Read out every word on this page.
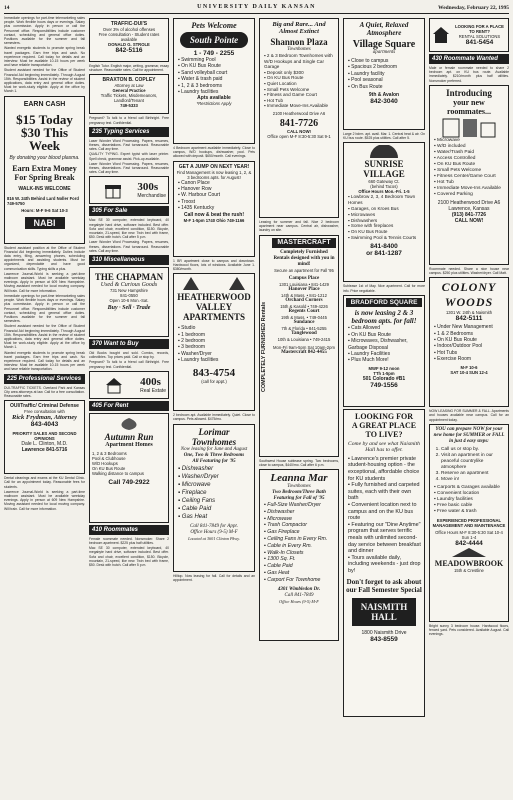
14	UNIVERSITY DAILY KANSAN	Wednesday, February 22, 1995

Immediate openings for part-time telemarketing sales people. Work flexible hours days or evenings. Salary plus commission. Apply in person or call the Personnel office. Responsibilities include customer contact, scheduling and general office duties. Positions available for the summer and fall semesters.

Wanted energetic students to promote spring break travel packages. Earn free trips and cash. No experience required. Call today for details and an interview. Must be available 10-15 hours per week and have reliable transportation.

Student assistant needed for the Office of Student Financial Aid beginning immediately. Through August 15th. Responsibilities: Assist in the review of student applications, data entry and general office duties. Must be work-study eligible. Apply at the office by March 1.

EARN CASH
$15 Today
$30 This Week
By donating your blood plasma.
Earn Extra Money For Spring Break
WALK-INS WELCOME
816 W. 24th Behind Lard Noller Ford 749-5750
Hours: M-F 9-6 Sat 10-3
NABI

Student assistant position at the Office of Student Financial Aid beginning immediately. Duties include data entry, filing, answering phones, scheduling appointments and assisting students. Must be organized, dependable and have good communication skills. Typing skills a plus.

Lawrence Journal-World is seeking a part-time mailroom assistant. Must be available weekday evenings. Apply in person at 609 New Hampshire. Moving assistant needed for local moving company. Will train. Call for more information.

Immediate openings for part-time telemarketing sales people. Work flexible hours days or evenings. Salary plus commission. Apply in person or call the Personnel office. Responsibilities include customer contact, scheduling and general office duties. Positions available for the summer and fall semesters.

Student assistant needed for the Office of Student Financial Aid beginning immediately. Through August 15th. Responsibilities: Assist in the review of student applications, data entry and general office duties. Must be work-study eligible. Apply at the office by March 1.

Wanted energetic students to promote spring break travel packages. Earn free trips and cash. No experience required. Call today for details and an interview. Must be available 10-15 hours per week and have reliable transportation.

225 Professional Services

DUI-TRAFFIC TICKETS. Overland Park and Kansas City area attorneys at law. Call for a free consultation. Reasonable rates.

OUI/Traffic/ Criminal Defense
Free consultation with
Rick Frydman, Attorney
843-4043
PRIORITY SALES AND SECOND OPINIONS
Dale L. Clinton, M.D.
Lawrence 841-5716

Dental cleanings and exams at the KU Dental Clinic. Call for an appointment today. Reasonable fees for students.

Lawrence Journal-World is seeking a part-time mailroom assistant. Must be available weekday evenings. Apply in person at 609 New Hampshire. Moving assistant needed for local moving company. Will train. Call for more information.

TRAFFIC-DUI'S
Over 3% of alcohol offenses
Free consultation - Student rates available
DONALD G. STROLE
842-5116

English Tutor. English major, writing, grammar, essay structure. Reasonable rates. Call for appointment.

BRAXTON B. COPLEY
Attorney at Law
General Practice
Traffic Tickets, Misdemeanors, Landlord/Tenant
749-5333

Pregnant? To talk to a friend call Birthright. Free pregnancy test. Confidential.

235 Typing Services

Laser Wonder Word Processing. Papers, resumes, theses, dissertations. Fast turnaround. Reasonable rates. Call any time.

QUALITY TYPING. Expert typist with laser printer. Spell check, grammar assist. Pick-up available.

Laser Wonder Word Processing. Papers, resumes, theses, dissertations. Fast turnaround. Reasonable rates. Call any time.

300s
Merchandise
305 For Sale

Mac SE 30 computer, extended keyboard, 40 megabyte hard drive, software included. Best offer. Sofa and chair, excellent condition, $150. Bicycle, mountain, 21-speed, like new. Twin bed with frame, $50. Desk with hutch. Call after 5 p.m.

Laser Wonder Word Processing. Papers, resumes, theses, dissertations. Fast turnaround. Reasonable rates. Call any time.

310 Miscellaneous
THE CHAPMAN
Used & Curious Goods
731 New Hampshire
841-0550
Open 10-6 Mon.-Sat.
Buy · Sell · Trade
370 Want to Buy

Old Books bought and sold. Comics, records, collectibles. Top prices paid. Call or stop by.

Pregnant? To talk to a friend call Birthright. Free pregnancy test. Confidential.

400s
Real Estate
405 For Rent
Autumn Run
Apartment Homes
1, 2 & 3 Bedrooms
Pool & Clubhouse
W/D Hookups
On KU Bus Route
Walking distance to campus
Call 749-2922
410 Roommates

Female roommate needed. Nonsmoker. Share 2 bedroom apartment. $225 plus half utilities.

Mac SE 30 computer, extended keyboard, 40 megabyte hard drive, software included. Best offer. Sofa and chair, excellent condition, $150. Bicycle, mountain, 21-speed, like new. Twin bed with frame, $50. Desk with hutch. Call after 5 p.m.

Pets Welcome
South Pointe
1 - 749 - 2255
▪ Swimming Pool
▪ On KU Bus Route
▪ Sand volleyball court
▪ Water & trash paid
▪ 1, 2 & 3 bedrooms
▪ Laundry facilities
Apts available
*Restrictions Apply

4 Bedroom apartment available immediately. Close to campus, W/D hookups, dishwasher, pool. Pets allowed with deposit. $650/month. Call evenings.

GET A JUMP ON NEXT YEAR!
Find Management is now leasing 1, 2, & 3 bedrooms apts. for August!
▪ Canon Place
▪ Hanover Row
▪ W. Harbour Court
▪ Troost
▪ 1435 Kentucky
Call now & beat the rush!
M-F 1-5pm 1740 Ohio 749-1166

1 BR apartment close to campus and downtown. Hardwood floors, lots of windows. Available June 1. $380/month.

HEATHERWOOD VALLEY APARTMENTS
▪ Studio
▪ 1 bedroom
▪ 2 bedroom
▪ 3 bedroom
▪ Washer/Dryer
▪ Laundry facilities
843-4754
(call for appt.)

2 bedroom apt. Available immediately. Quiet. Close to campus. Pets allowed. $475/mo.

Lorimar Townhomes
Now leasing for June and August
One, Two & Three Bedrooms
All Featuring for '95
▪ Dishwasher
▪ Washer/Dryer
▪ Microwave
▪ Fireplace
▪ Ceiling Fans
▪ Cable Paid
▪ Gas Heat
Call 841-7849 for Appt.
Office Hours (9-5) M-F
Located at 3601 Clinton Pkwy.

Hilltop. Now leasing for fall. Call for details and an appointment.

Big and Rare... And
Almost Extinct
Shannon Plaza
Townhomes
▪ 2 & 3 Bedroom Townhomes with W/D Hookups and Single Car Garage
▪ Deposit only $300
▪ On KU Bus Route
▪ Quiet Location
▪ Small Pets Welcome
▪ Fitness and Game Court
▪ Hot Tub
▪ Immediate Move-Ins Available
2100 Heatherwood Drive A6
841-7726
CALL NOW!
Office open M-F 8:30-5:30 Sat 9-1

Leasing for summer and fall. Nice 2 bedroom apartment near campus. Central air, dishwasher, laundry on site.

COMPLETELY FURNISHED Rentals
MASTERCRAFT
Completely Furnished Rentals designed with you in mind!
Secure an apartment for Fall '95
Campus Place
1301 Louisiana • 841-1429
Hanover Place
14th & Mass. • 841-1212
Orchard Corners
15th & Kasold • 749-4226
Regents Court
19th & Mass. • 749-0445
Sundance
7th & Florida • 841-5255
Tanglewood
10th & Louisiana • 749-2415
Mon-Fri 9am-5pm Sat 10am-2pm
Mastercraft 842-4455

Southwest House sublease spring. Two bedrooms, close to campus, $440/mo. Call after 6 p.m.

Leanna Mar
Townhomes
Two Bedroom/Three Bath
Featuring for Fall of '95
▪ Full-Size Washer/Dryer
▪ Dishwasher
▪ Microwave
▪ Trash Compactor
▪ Gas Fireplace
▪ Ceiling Fans in Every Rm.
▪ Cable in Every Rm.
▪ Walk-In Closets
▪ 1300 Sq. Ft.
▪ Cable Paid
▪ Gas Heat
▪ Carport For Townhome
4301 Wimbledon Dr.
Call 841-7849
Office Hours (9-5) M-F
A Quiet, Relaxed Atmosphere
Village Square
apartments
▪ Close to campus
▪ Spacious 2 bedroom
▪ Laundry facility
▪ Pool seasonal
▪ On Bus Route
9th & Avalon
842-3040

Large 2 bdrm. apt. avail. Mar. 1. Central heat & air. On KU bus route. $525 plus utilities. Call after 5.

SUNRISE VILLAGE
660 Gateway Ct.
(behind Tacos)
Office Hours Mon.-Fri. 1-5
▪ Lowbrow 2, 3, 4 Bedroom Town Homes
▪ Garages, on Kroes Bus
▪ Microwaves
▪ Dishwashers
▪ Some with fireplaces
▪ On KU Bus Route
▪ Swimming Pool & Tennis Courts
841-8400
or 841-1287

Sublease 1st of May. Nice apartment. Call for more info. Price negotiable.

BRADFORD SQUARE
is now leasing 2 & 3 bedroom apts. for fall!
▪ Cats Allowed
▪ On KU Bus Route
▪ Microwaves, Dishwasher, Garbage Disposal
▪ Laundry Facilities
▪ Plus Much More!
MWF 9-12 noon
TTh 1-5pm
501 Colorado #B1
749-1556
LOOKING FOR
A GREAT PLACE TO LIVE?
Come by and see what Naismith Hall has to offer.
▪ Lawrence's premier private student-housing option - the exceptional, affordable choice for KU students
▪ Fully furnished and carpeted suites, each with their own bath
▪ Convenient location next to campus and on the KU bus route
▪ Featuring our "Dine Anytime" program that serves terrific meals with unlimited second-day service between breakfast and dinner
▪ Tours available daily, including weekends - just drop by!
Don't forget to ask about our Fall Semester Special
NAISMITH HALL
1800 Naismith Drive
843-8559
LOOKING FOR A PLACE TO RENT?
RENTAL SOLUTIONS
841-5454
430 Roommate Wanted

Male or female roommate needed to share 2 bedroom apt. on KU bus route. Available immediately. $210/month plus half utilities. Nonsmoker preferred.

Introducing
your new roommates...
▪ Microwave
▪ W/D included
▪ Water/Trash Paid
▪ Access Controlled
▪ On KU Bus Route
▪ Small Pets Welcome
▪ Fitness Center/Game Court
▪ Hot Tub
▪ Immediate Move-Ins Available
▪ Covered Parking
2100 Heatherwood Drive A6 Lawrence, Kansas
(913) 841-7726
CALL NOW!

Roommate needed. Share a nice house near campus. $250 plus utilities. Washer/dryer. Call Matt.

COLONY
WOODS
1301 W. 24th & Naismith
842-5111
▪ Under New Management
▪ 1 & 2 Bedrooms
▪ On KU Bus Route
▪ Indoor/Outdoor Pool
▪ Hot Tubs
▪ Exercise Room
M-F 10-6
SAT 10-4 SUN 12-4

NOW LEASING FOR SUMMER & FALL. Apartments and houses available near campus. Call for an appointment today.

YOU can prepare NOW for your new home for SUMMER or FALL in just 4 easy steps:
1. Call us or stop by.
2. Visit an apartment in our peaceful countrylike atmosphere
3. Reserve an apartment
4. Move in!
▪ Carports & Garages available
▪ Convenient location
▪ Laundry facilities
▪ Free basic cable
▪ Free water & trash
EXPERIENCED PROFESSIONAL MANAGEMENT AND MAINTENANCE
Office Hours M-F 8:30-5:30 Sat 10-4 Sun 1-4
842-4444
MEADOWBROOK
15th & Crestline

Bright sunny 3 bedroom house. Hardwood floors, fenced yard. Pets considered. Available August. Call evenings.
